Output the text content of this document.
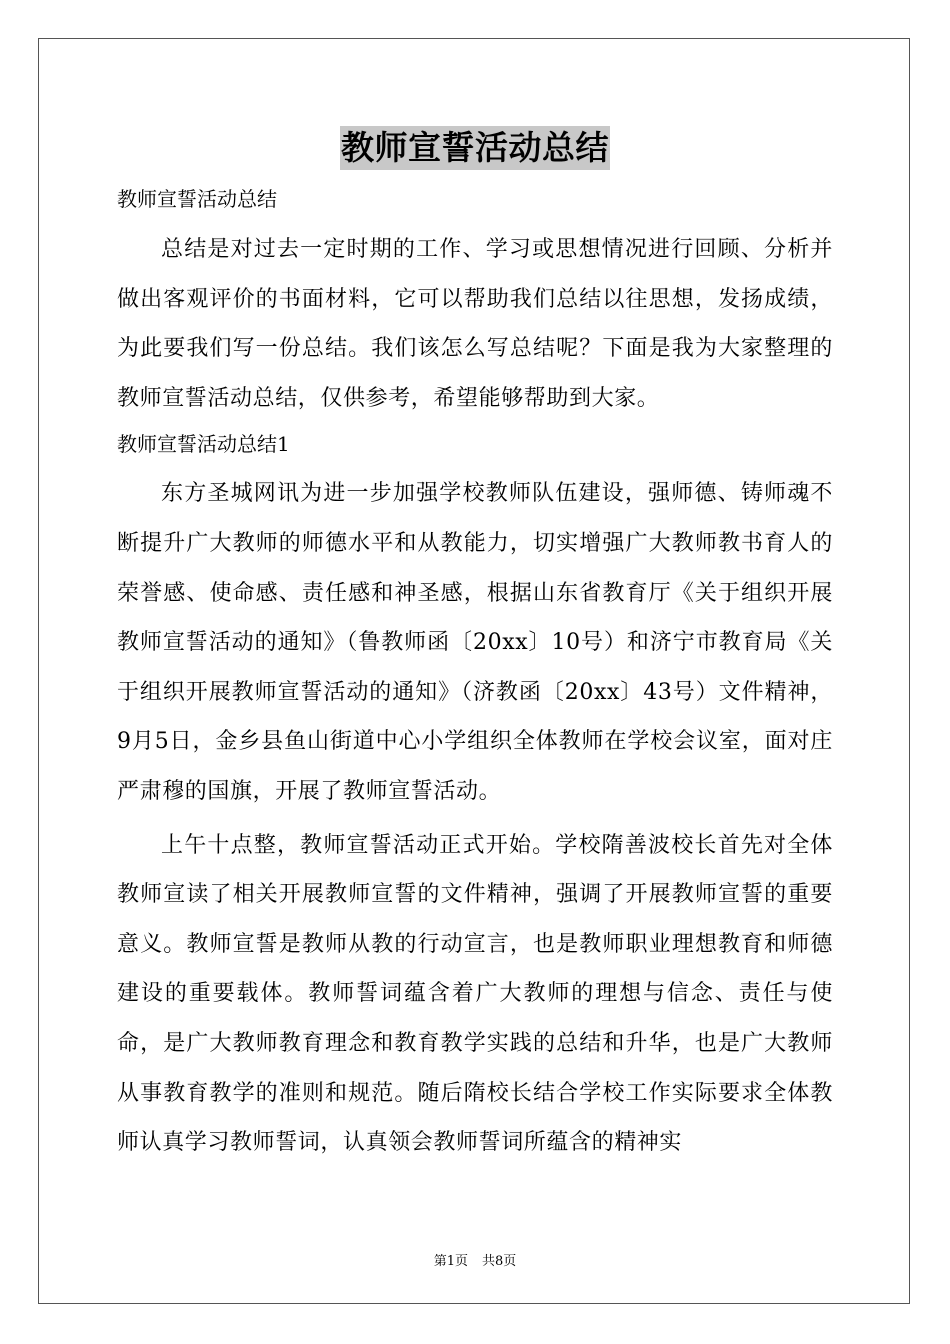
教师宣誓活动总结

教师宣誓活动总结

总结是对过去一定时期的工作、学习或思想情况进行回顾、分析并做出客观评价的书面材料，它可以帮助我们总结以往思想，发扬成绩，为此要我们写一份总结。我们该怎么写总结呢？下面是我为大家整理的教师宣誓活动总结，仅供参考，希望能够帮助到大家。

教师宣誓活动总结1

东方圣城网讯为进一步加强学校教师队伍建设，强师德、铸师魂不断提升广大教师的师德水平和从教能力，切实增强广大教师教书育人的荣誉感、使命感、责任感和神圣感，根据山东省教育厅《关于组织开展教师宣誓活动的通知》（鲁教师函〔20xx〕10号）和济宁市教育局《关于组织开展教师宣誓活动的通知》（济教函〔20xx〕43号）文件精神，9月5日，金乡县鱼山街道中心小学组织全体教师在学校会议室，面对庄严肃穆的国旗，开展了教师宣誓活动。

上午十点整，教师宣誓活动正式开始。学校隋善波校长首先对全体教师宣读了相关开展教师宣誓的文件精神，强调了开展教师宣誓的重要意义。教师宣誓是教师从教的行动宣言，也是教师职业理想教育和师德建设的重要载体。教师誓词蕴含着广大教师的理想与信念、责任与使命，是广大教师教育理念和教育教学实践的总结和升华，也是广大教师从事教育教学的准则和规范。随后隋校长结合学校工作实际要求全体教师认真学习教师誓词，认真领会教师誓词所蕴含的精神实

第1页 共8页
